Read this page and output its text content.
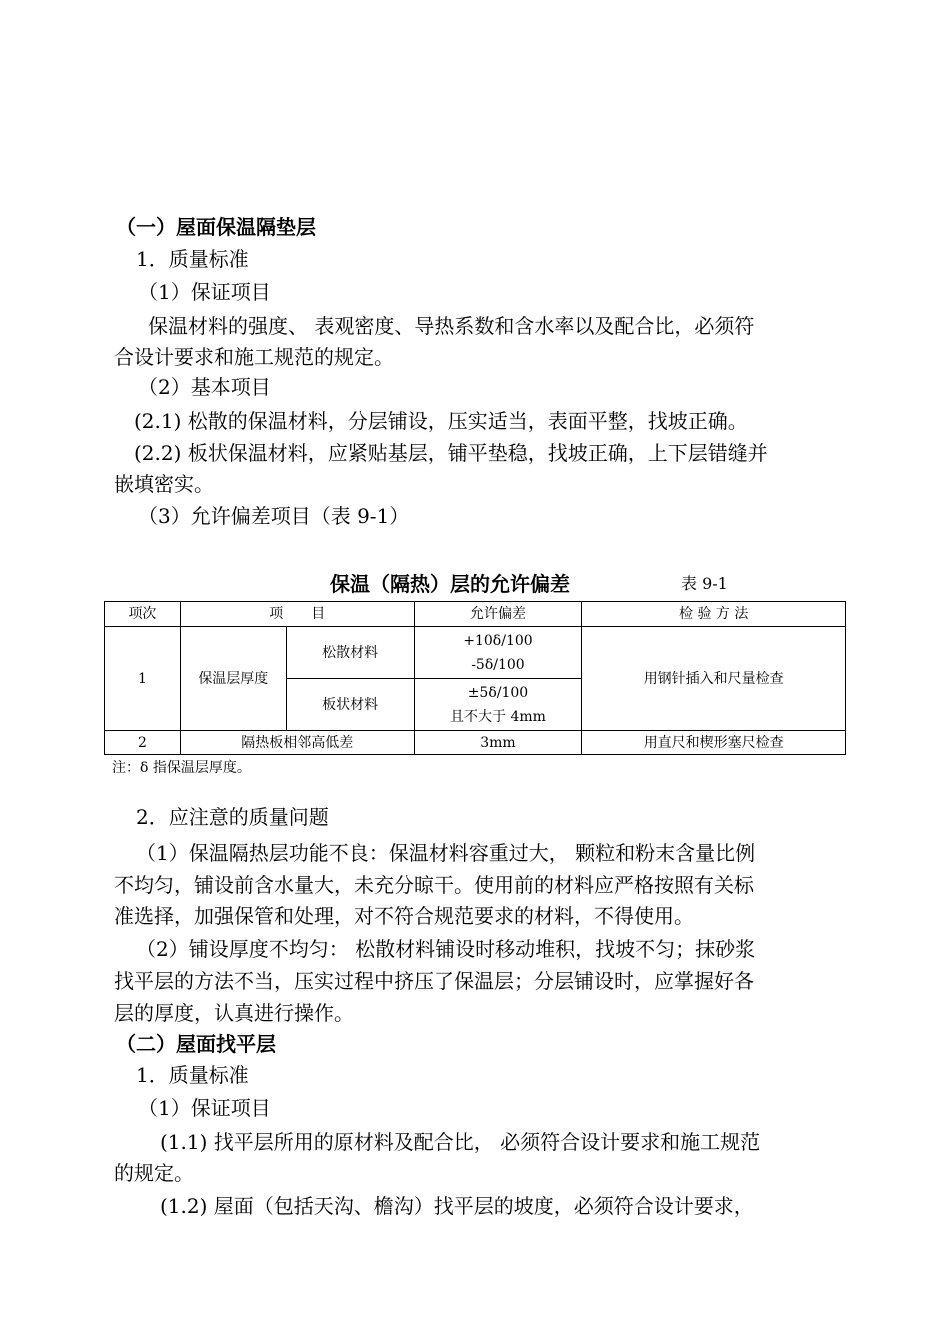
（一）屋面保温隔垫层
1．质量标准
（1）保证项目
保温材料的强度、 表观密度、导热系数和含水率以及配合比，必须符
合设计要求和施工规范的规定。
（2）基本项目
(2.1) 松散的保温材料，分层铺设，压实适当，表面平整，找坡正确。
(2.2) 板状保温材料，应紧贴基层，铺平垫稳，找坡正确，上下层错缝并
嵌填密实。
（3）允许偏差项目（表 9-1）
保温（隔热）层的允许偏差	表 9-1
项次	项　　目		允许偏差	检 验 方 法
1	保温层厚度	松散材料	+10δ/100
-5δ/100	用钢针插入和尺量检查
		板状材料	±5δ/100
且不大于 4mm	

2	隔热板相邻高低差		3mm	用直尺和楔形塞尺检查
注：δ 指保温层厚度。
2．应注意的质量问题
（1）保温隔热层功能不良：保温材料容重过大， 颗粒和粉末含量比例
不均匀，铺设前含水量大，未充分晾干。使用前的材料应严格按照有关标
准选择，加强保管和处理，对不符合规范要求的材料，不得使用。
（2）铺设厚度不均匀： 松散材料铺设时移动堆积，找坡不匀；抹砂浆
找平层的方法不当，压实过程中挤压了保温层；分层铺设时，应掌握好各
层的厚度，认真进行操作。
（二）屋面找平层
1．质量标准
（1）保证项目
(1.1) 找平层所用的原材料及配合比， 必须符合设计要求和施工规范
的规定。
(1.2) 屋面（包括天沟、檐沟）找平层的坡度，必须符合设计要求，
